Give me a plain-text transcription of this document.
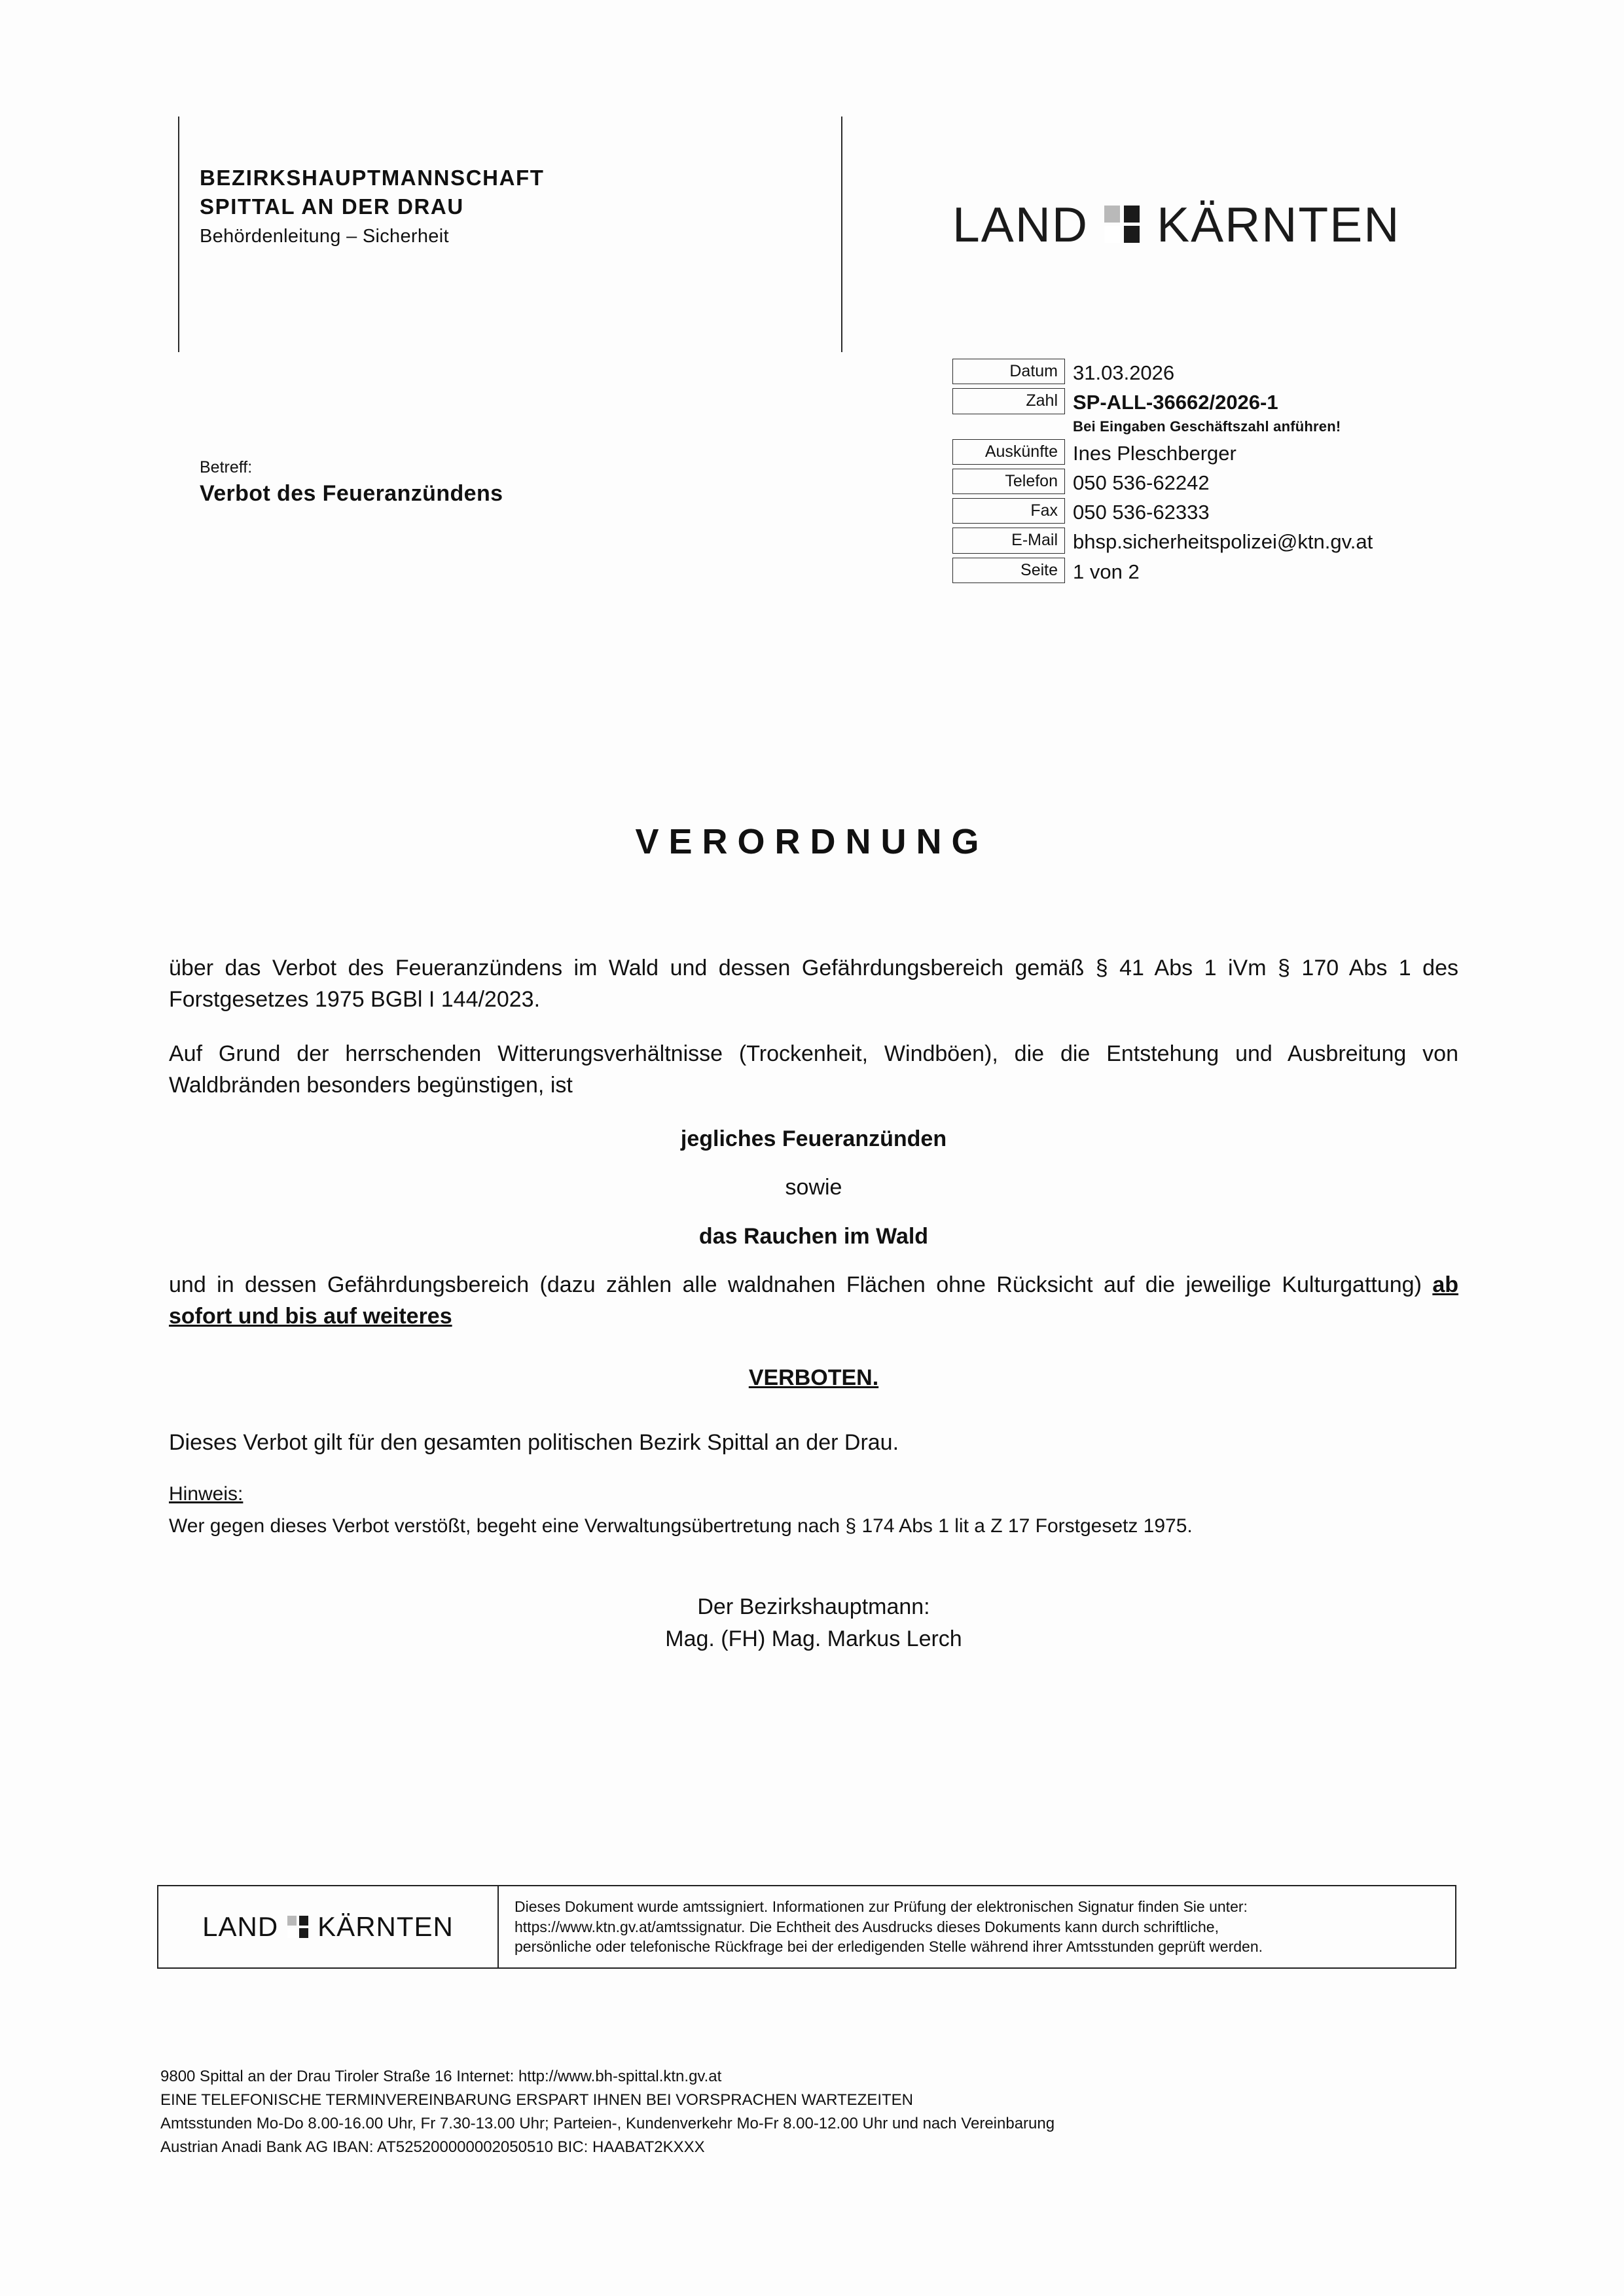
BEZIRKSHAUPTMANNSCHAFT
SPITTAL AN DER DRAU
Behördenleitung – Sicherheit	LAND KÄRNTEN
Datum 31.03.2026
Zahl SP-ALL-36662/2026-1
Bei Eingaben Geschäftszahl anführen!
Auskünfte Ines Pleschberger
Telefon 050 536-62242
Fax 050 536-62333
E-Mail bhsp.sicherheitspolizei@ktn.gv.at
Seite 1 von 2
Betreff:
Verbot des Feueranzündens
VERORDNUNG

über das Verbot des Feueranzündens im Wald und dessen Gefährdungsbereich gemäß § 41 Abs 1 iVm § 170 Abs 1 des Forstgesetzes 1975 BGBl I 144/2023.

Auf Grund der herrschenden Witterungsverhältnisse (Trockenheit, Windböen), die die Entstehung und Ausbreitung von Waldbränden besonders begünstigen, ist

jegliches Feueranzünden

sowie

das Rauchen im Wald

und in dessen Gefährdungsbereich (dazu zählen alle waldnahen Flächen ohne Rücksicht auf die jeweilige Kulturgattung) ab sofort und bis auf weiteres

VERBOTEN.

Dieses Verbot gilt für den gesamten politischen Bezirk Spittal an der Drau.

Hinweis:
Wer gegen dieses Verbot verstößt, begeht eine Verwaltungsübertretung nach § 174 Abs 1 lit a Z 17 Forstgesetz 1975.
Der Bezirkshauptmann:
Mag. (FH) Mag. Markus Lerch
LAND KÄRNTEN
Dieses Dokument wurde amtssigniert. Informationen zur Prüfung der elektronischen Signatur finden Sie unter:
https://www.ktn.gv.at/amtssignatur. Die Echtheit des Ausdrucks dieses Dokuments kann durch schriftliche,
persönliche oder telefonische Rückfrage bei der erledigenden Stelle während ihrer Amtsstunden geprüft werden.
9800 Spittal an der Drau Tiroler Straße 16 Internet: http://www.bh-spittal.ktn.gv.at
EINE TELEFONISCHE TERMINVEREINBARUNG ERSPART IHNEN BEI VORSPRACHEN WARTEZEITEN
Amtsstunden Mo-Do 8.00-16.00 Uhr, Fr 7.30-13.00 Uhr; Parteien-, Kundenverkehr Mo-Fr 8.00-12.00 Uhr und nach Vereinbarung
Austrian Anadi Bank AG IBAN: AT525200000002050510 BIC: HAABAT2KXXX
